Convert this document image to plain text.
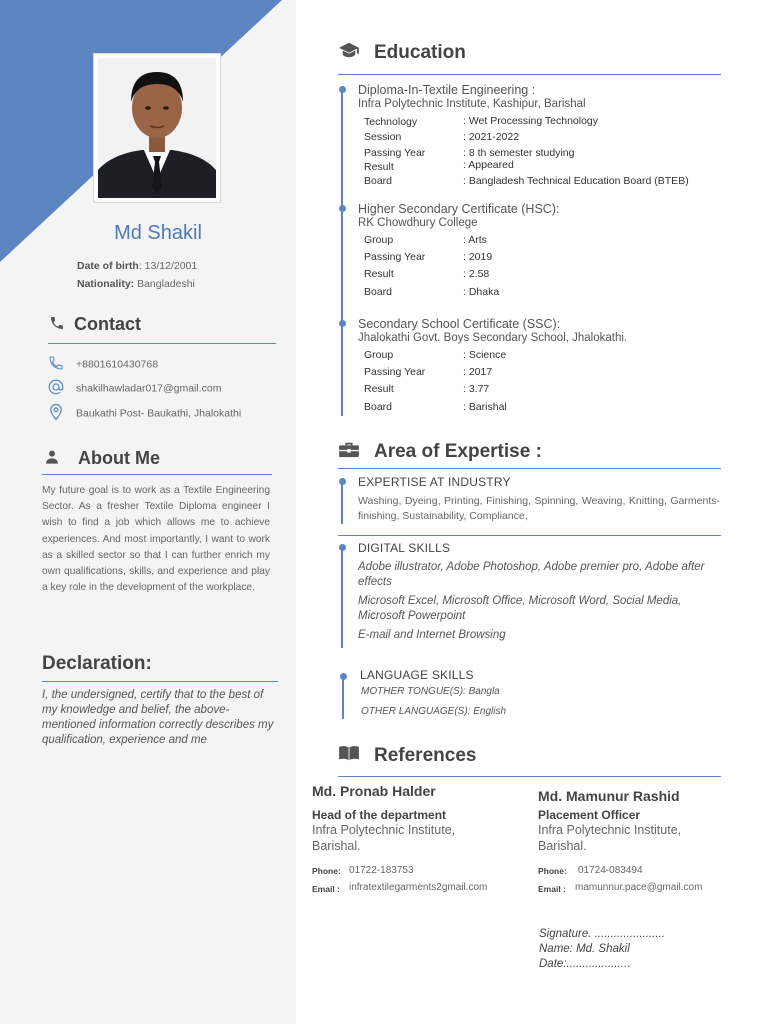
Md Shakil
Date of birth: 13/12/2001
Nationality: Bangladeshi
Contact
+8801610430768
shakilhawladar017@gmail.com
Baukathi Post- Baukathi, Jhalokathi
About Me

My future goal is to work as a Textile Engineering Sector. As a fresher Textile Diploma engineer I wish to find a job which allows me to achieve experiences. And most importantly, I want to work as a skilled sector so that I can further enrich my own qualifications, skills, and experience and play a key role in the development of the workplace.

Declaration:

I, the undersigned, certify that to the best of my knowledge and belief, the above-mentioned information correctly describes my qualification, experience and me

Education
Diploma-In-Textile Engineering :
Infra Polytechnic Institute, Kashipur, Barishal
Technology	: Wet Processing Technology
Session	: 2021-2022
Passing Year	: 8 th semester studying
Result	: Appeared
Board	: Bangladesh Technical Education Board (BTEB)
Higher Secondary Certificate (HSC):
RK Chowdhury College
Group	: Arts
Passing Year	: 2019
Result	: 2.58
Board	: Dhaka
Secondary School Certificate (SSC):
Jhalokathi Govt. Boys Secondary School, Jhalokathi.
Group	: Science
Passing Year	: 2017
Result	: 3.77
Board	: Barishal
Area of Expertise :
EXPERTISE AT INDUSTRY

Washing, Dyeing, Printing, Finishing, Spinning, Weaving, Knitting, Garments-finishing, Sustainability, Compliance,

DIGITAL SKILLS

Adobe illustrator, Adobe Photoshop, Adobe premier pro, Adobe after effects

Microsoft Excel, Microsoft Office, Microsoft Word, Social Media, Microsoft Powerpoint

E-mail and Internet Browsing

LANGUAGE SKILLS
MOTHER TONGUE(S): Bangla
OTHER LANGUAGE(S): English
References
Md. Pronab Halder
Head of the department
Infra Polytechnic Institute, Barishal.
Phone: 01722-183753
Email : infratextilegarments2gmail.com
Md. Mamunur Rashid
Placement Officer
Infra Polytechnic Institute, Barishal.
Phone: 01724-083494
Email : mamunnur.pace@gmail.com
Signature. ......................
Name: Md. Shakil
Date:....................
